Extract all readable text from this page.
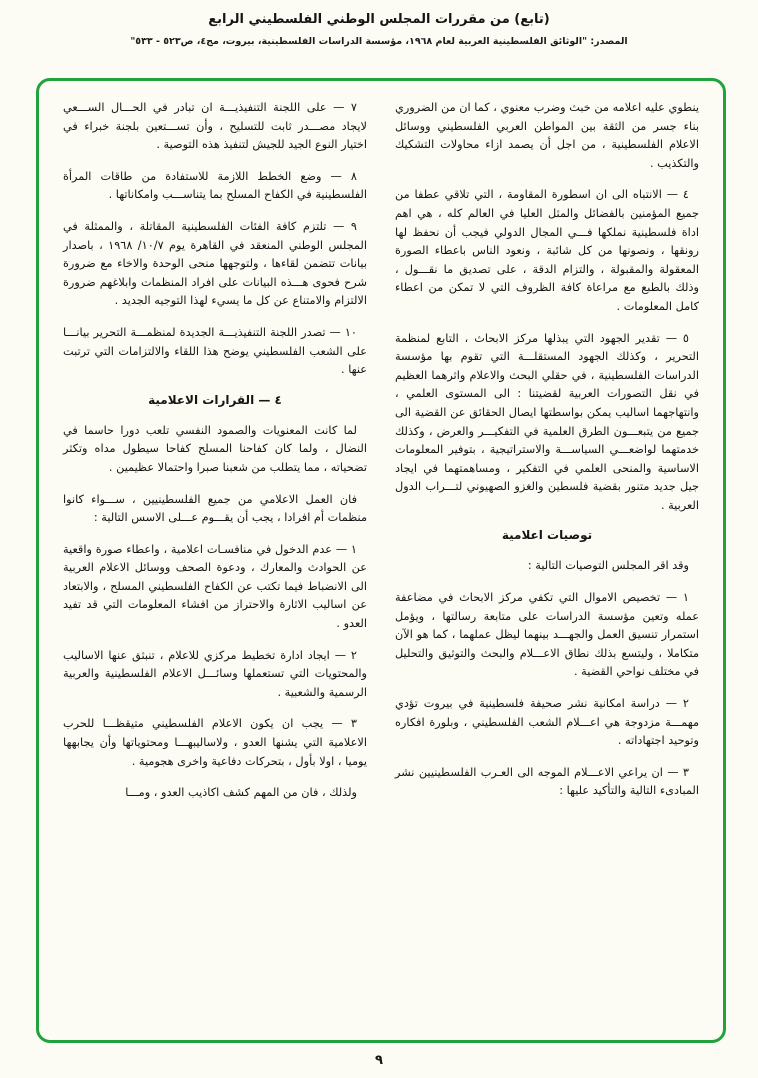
(تابع) من مقررات المجلس الوطني الفلسطيني الرابع
المصدر: "الوثائق الفلسطينية العربية لعام ١٩٦٨، مؤسسة الدراسات الفلسطينية، بيروت، مج٤، ص٥٢٣ - ٥٣٣"

ينطوي عليه اعلامه من خبث وضرب معنوي ، كما ان من الضروري بناء جسر من الثقة بين المواطن العربي الفلسطيني ووسائل الاعلام الفلسطينية ، من اجل أن يصمد ازاء محاولات التشكيك والتكذيب .

٤ — الانتباه الى ان اسطورة المقاومة ، التي تلاقي عطفا من جميع المؤمنين بالفضائل والمثل العليا في العالم كله ، هي اهم اداة فلسطينية نملكها فـــي المجال الدولي فيجب أن نحفظ لها رونقها ، ونصونها من كل شائبة ، ونعود الناس باعطاء الصورة المعقولة والمقبولة ، والتزام الدقة ، على تصديق ما نقـــول ، وذلك بالطبع مع مراعاة كافة الظروف التي لا تمكن من اعطاء كامل المعلومات .

٥ — تقدير الجهود التي يبذلها مركز الابحاث ، التابع لمنظمة التحرير ، وكذلك الجهود المستقلـــة التي تقوم بها مؤسسة الدراسات الفلسطينية ، في حقلي البحث والاعلام واثرهما العظيم في نقل التصورات العربية لقضيتنا : الى المستوى العلمي ، وانتهاجهما اساليب يمكن بواسطتها ايصال الحقائق عن القضية الى جميع من يتبعـــون الطرق العلمية في التفكيـــر والعرض ، وكذلك خدمتهما لواضعـــي السياســـة والاستراتيجية ، بتوفير المعلومات الاساسية والمنحى العلمي في التفكير ، ومساهمتهما في ايجاد جيل جديد متنور بقضية فلسطين والغزو الصهيوني لتـــراب الدول العربية .

توصيات اعلامية

وقد اقر المجلس التوصيات التالية :

١ — تخصيص الاموال التي تكفي مركز الابحاث في مضاعفة عمله وتعين مؤسسة الدراسات على متابعة رسالتها ، ويؤمل استمرار تنسيق العمل والجهـــد بينهما ليظل عملهما ، كما هو الآن متكاملا ، وليتسع بذلك نطاق الاعـــلام والبحث والتوثيق والتحليل في مختلف نواحي القضية .

٢ — دراسة امكانية نشر صحيفة فلسطينية في بيروت تؤدي مهمـــة مزدوجة هي اعـــلام الشعب الفلسطيني ، وبلورة افكاره وتوحيد اجتهاداته .

٣ — ان يراعي الاعـــلام الموجه الى العـرب الفلسطينيين نشر المبادىء التالية والتأكيد عليها :

٧ — على اللجنة التنفيذيـــة ان تبادر في الحـــال الســـعي لايجاد مصـــدر ثابت للتسليح ، وأن تســـتعين بلجنة خبراء في اختيار النوع الجيد للجيش لتنفيذ هذه التوصية .

٨ — وضع الخطط اللازمة للاستفادة من طاقات المرأة الفلسطينية في الكفاح المسلح بما يتناســـب وامكاناتها .

٩ — تلتزم كافة الفئات الفلسطينية المقاتلة ، والممثلة في المجلس الوطني المنعقد في القاهرة يوم ١٠/٧/ ١٩٦٨ ، باصدار بيانات تتضمن لقاءها ، ولتوجهها منحى الوحدة والاخاء مع ضرورة شرح فحوى هـــذه البيانات على افراد المنظمات وابلاغهم ضرورة الالتزام والامتناع عن كل ما يسيء لهذا التوجيه الجديد .

١٠ — تصدر اللجنة التنفيذيـــة الجديدة لمنظمـــة التحرير بيانـــا على الشعب الفلسطيني يوضح هذا اللقاء والالتزامات التي ترتبت عنها .

٤ — القرارات الاعلامية

لما كانت المعنويات والصمود النفسي تلعب دورا حاسما في النضال ، ولما كان كفاحنا المسلح كفاحا سيطول مداه وتكثر تضحياته ، مما يتطلب من شعبنا صبرا واحتمالا عظيمين .

فان العمل الاعلامي من جميع الفلسطينيين ، ســـواء كانوا منظمات أم افرادا ، يجب أن يقـــوم عـــلى الاسس التالية :

١ — عدم الدخول في منافسـات اعلامية ، واعطاء صورة واقعية عن الحوادث والمعارك ، ودعوة الصحف ووسائل الاعلام العربية الى الانضباط فيما تكتب عن الكفاح الفلسطيني المسلح ، والابتعاد عن اساليب الاثارة والاحتراز من افشاء المعلومات التي قد تفيد العدو .

٢ — ايجاد ادارة تخطيط مركزي للاعلام ، تنبثق عنها الاساليب والمحتويات التي تستعملها وسائـــل الاعلام الفلسطينية والعربية الرسمية والشعبية .

٣ — يجب ان يكون الاعلام الفلسطيني متيقظـــا للحرب الاعلامية التي يشنها العدو ، ولاساليبهـــا ومحتوياتها وأن يجابهها يوميا ، اولا بأول ، بتحركات دفاعية واخرى هجومية .

ولذلك ، فان من المهم كشف اكاذيب العدو ، ومـــا

٩
